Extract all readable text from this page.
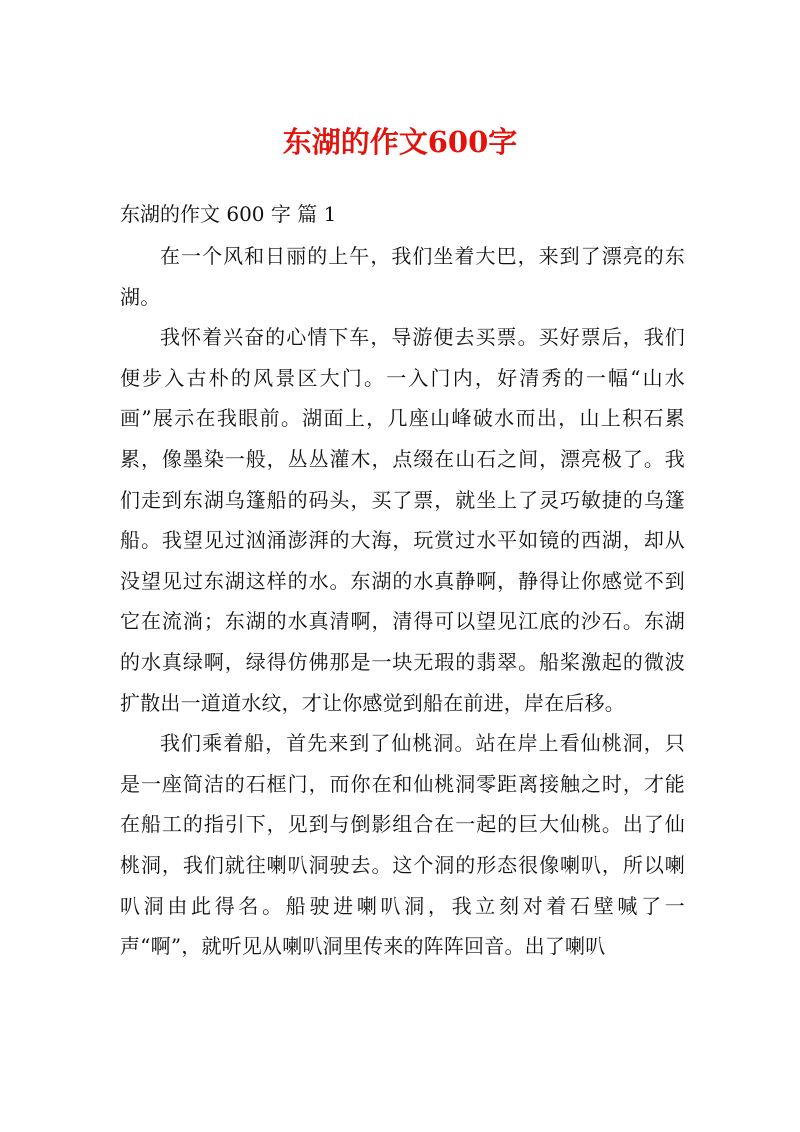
东湖的作文600字

东湖的作文 600 字 篇 1

在一个风和日丽的上午，我们坐着大巴，来到了漂亮的东湖。

我怀着兴奋的心情下车，导游便去买票。买好票后，我们便步入古朴的风景区大门。一入门内，好清秀的一幅“山水画”展示在我眼前。湖面上，几座山峰破水而出，山上积石累累，像墨染一般，丛丛灌木，点缀在山石之间，漂亮极了。我们走到东湖乌篷船的码头，买了票，就坐上了灵巧敏捷的乌篷船。我望见过汹涌澎湃的大海，玩赏过水平如镜的西湖，却从没望见过东湖这样的水。东湖的水真静啊，静得让你感觉不到它在流淌；东湖的水真清啊，清得可以望见江底的沙石。东湖的水真绿啊，绿得仿佛那是一块无瑕的翡翠。船桨激起的微波扩散出一道道水纹，才让你感觉到船在前进，岸在后移。

我们乘着船，首先来到了仙桃洞。站在岸上看仙桃洞，只是一座简洁的石框门，而你在和仙桃洞零距离接触之时，才能在船工的指引下，见到与倒影组合在一起的巨大仙桃。出了仙桃洞，我们就往喇叭洞驶去。这个洞的形态很像喇叭，所以喇叭洞由此得名。船驶进喇叭洞，我立刻对着石壁喊了一声“啊”，就听见从喇叭洞里传来的阵阵回音。出了喇叭
